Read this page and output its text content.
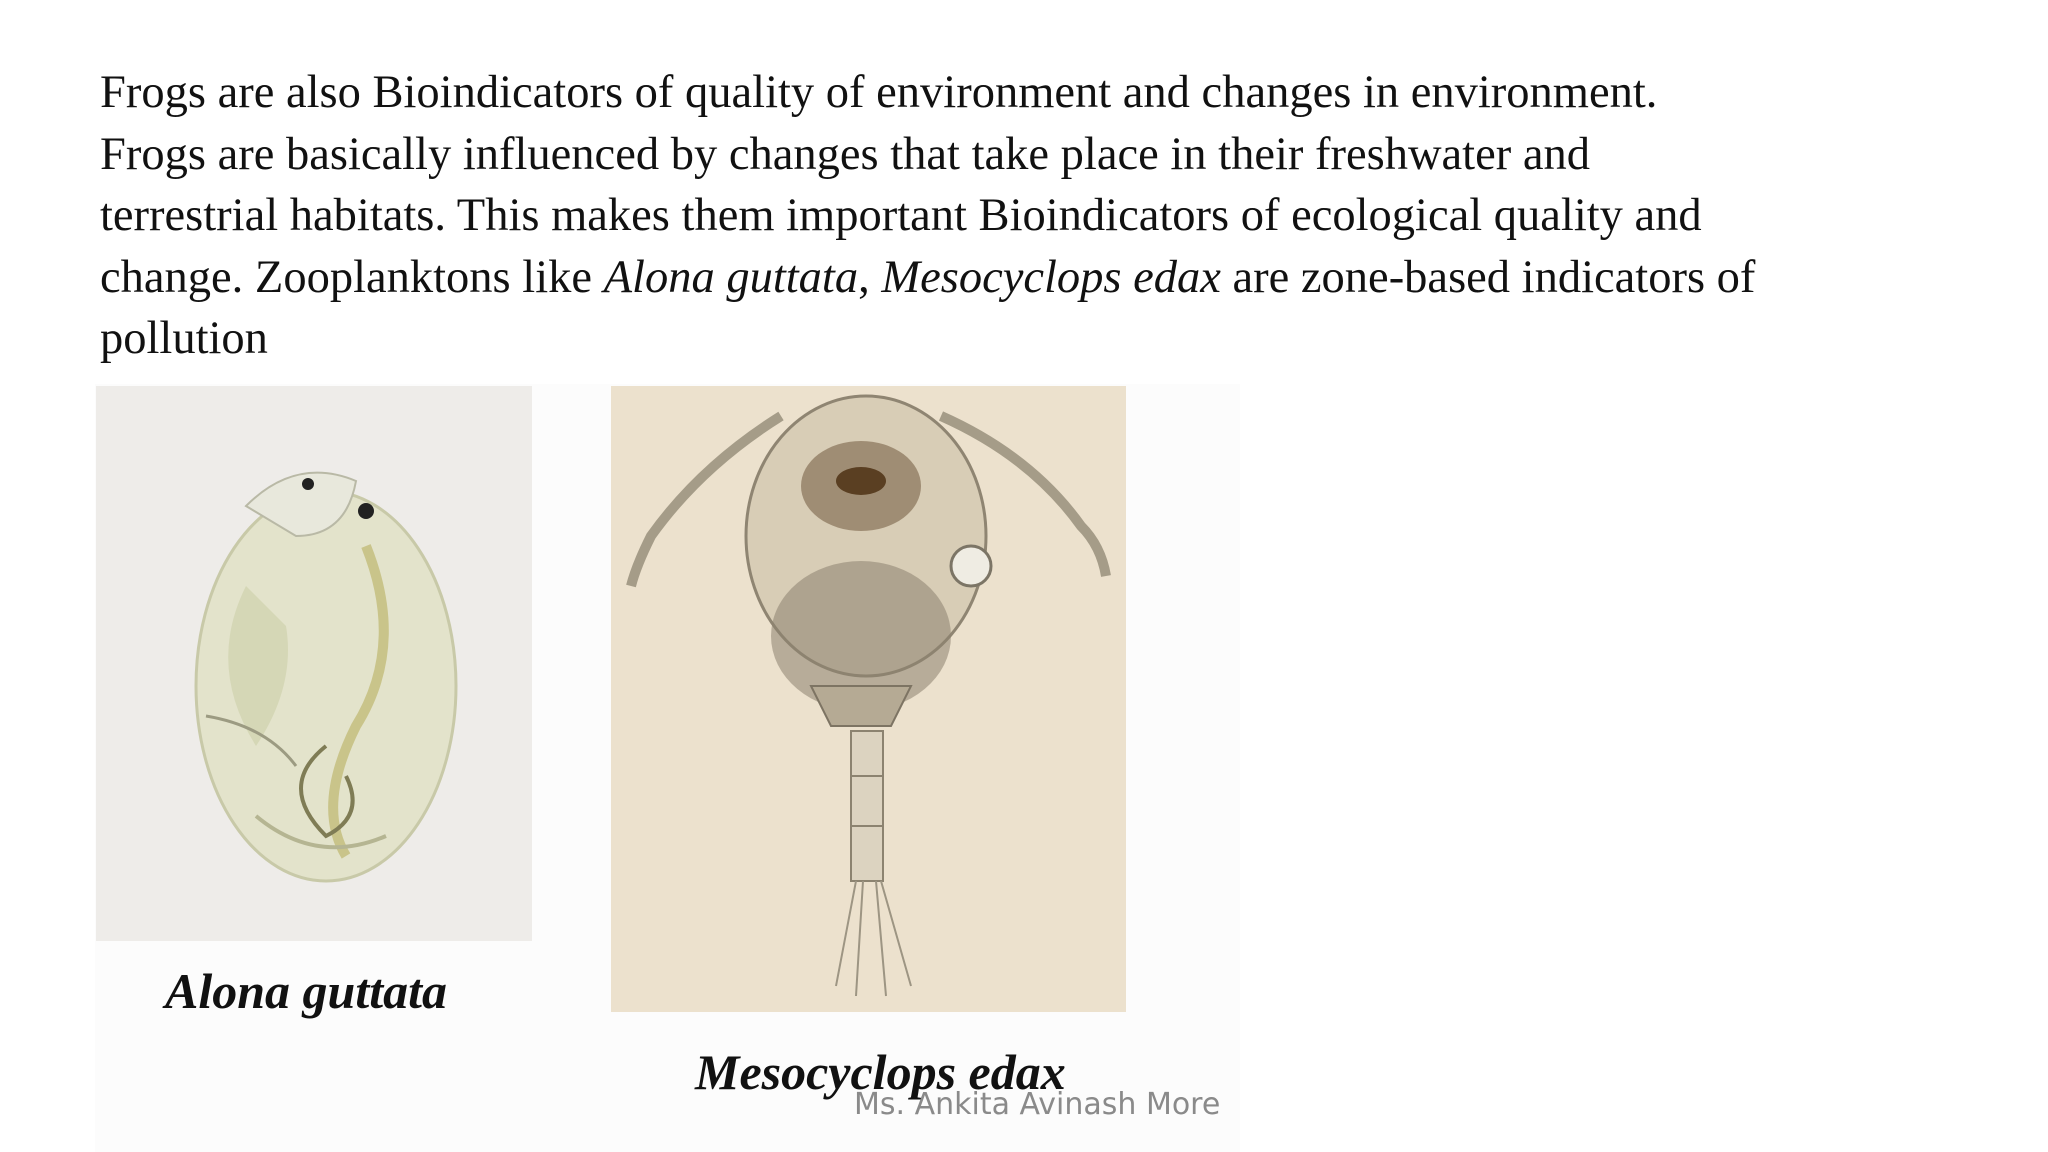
Frogs are also Bioindicators of quality of environment and changes in environment.
Frogs are basically influenced by changes that take place in their freshwater and
terrestrial habitats. This makes them important Bioindicators of ecological quality and
change. Zooplanktons like Alona guttata, Mesocyclops edax are zone-based indicators of
pollution

Alona guttata
Mesocyclops edax
Ms. Ankita Avinash More
